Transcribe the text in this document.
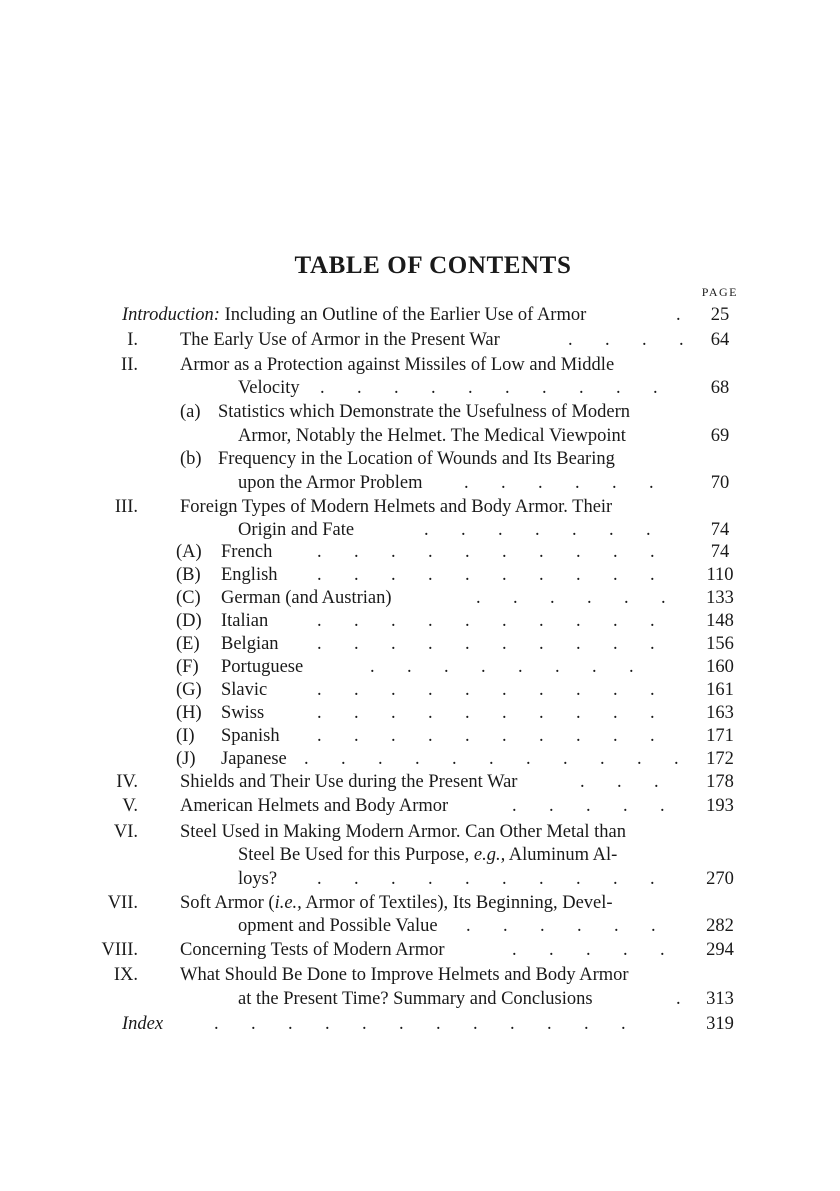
TABLE OF CONTENTS
PAGE
Introduction: Including an Outline of the Earlier Use of Armor	.	25
I. The Early Use of Armor in the Present War	.       .       .       .	64
II. Armor as a Protection against Missiles of Low and Middle
Velocity .       .       .       .       .       .       .       .       .       .	68
(a) Statistics which Demonstrate the Usefulness of Modern
Armor, Notably the Helmet. The Medical Viewpoint	69
(b) Frequency in the Location of Wounds and Its Bearing
upon the Armor Problem .       .       .       .       .       .	70
III. Foreign Types of Modern Helmets and Body Armor. Their
Origin and Fate	.       .       .       .       .       .       .	74
(A) French .       .       .       .       .       .       .       .       .       .	74
(B) English .       .       .       .       .       .       .       .       .       .	110
(C) German (and Austrian)	.       .       .       .       .       .	133
(D) Italian	.       .       .       .       .       .       .       .       .       .	148
(E) Belgian .       .       .       .       .       .       .       .       .       .	156
(F) Portuguese	.       .       .       .       .       .       .       .	160
(G) Slavic	.       .       .       .       .       .       .       .       .       .	161
(H) Swiss	.       .       .       .       .       .       .       .       .       .	163
(I) Spanish .       .       .       .       .       .       .       .       .       .	171
(J) Japanese .       .       .       .       .       .       .       .       .       .       .	172
IV. Shields and Their Use during the Present War	.       .       .	178
V. American Helmets and Body Armor	.       .       .       .       .	193
VI. Steel Used in Making Modern Armor. Can Other Metal than
Steel Be Used for this Purpose, e.g., Aluminum Al-
loys? .       .       .       .       .       .       .       .       .       .	270
VII. Soft Armor (i.e., Armor of Textiles), Its Beginning, Devel-
opment and Possible Value .       .       .       .       .       .	282
VIII. Concerning Tests of Modern Armor	.       .       .       .       .	294
IX. What Should Be Done to Improve Helmets and Body Armor
at the Present Time? Summary and Conclusions	.	313
Index	.       .       .       .       .       .       .       .       .       .       .       .	319
